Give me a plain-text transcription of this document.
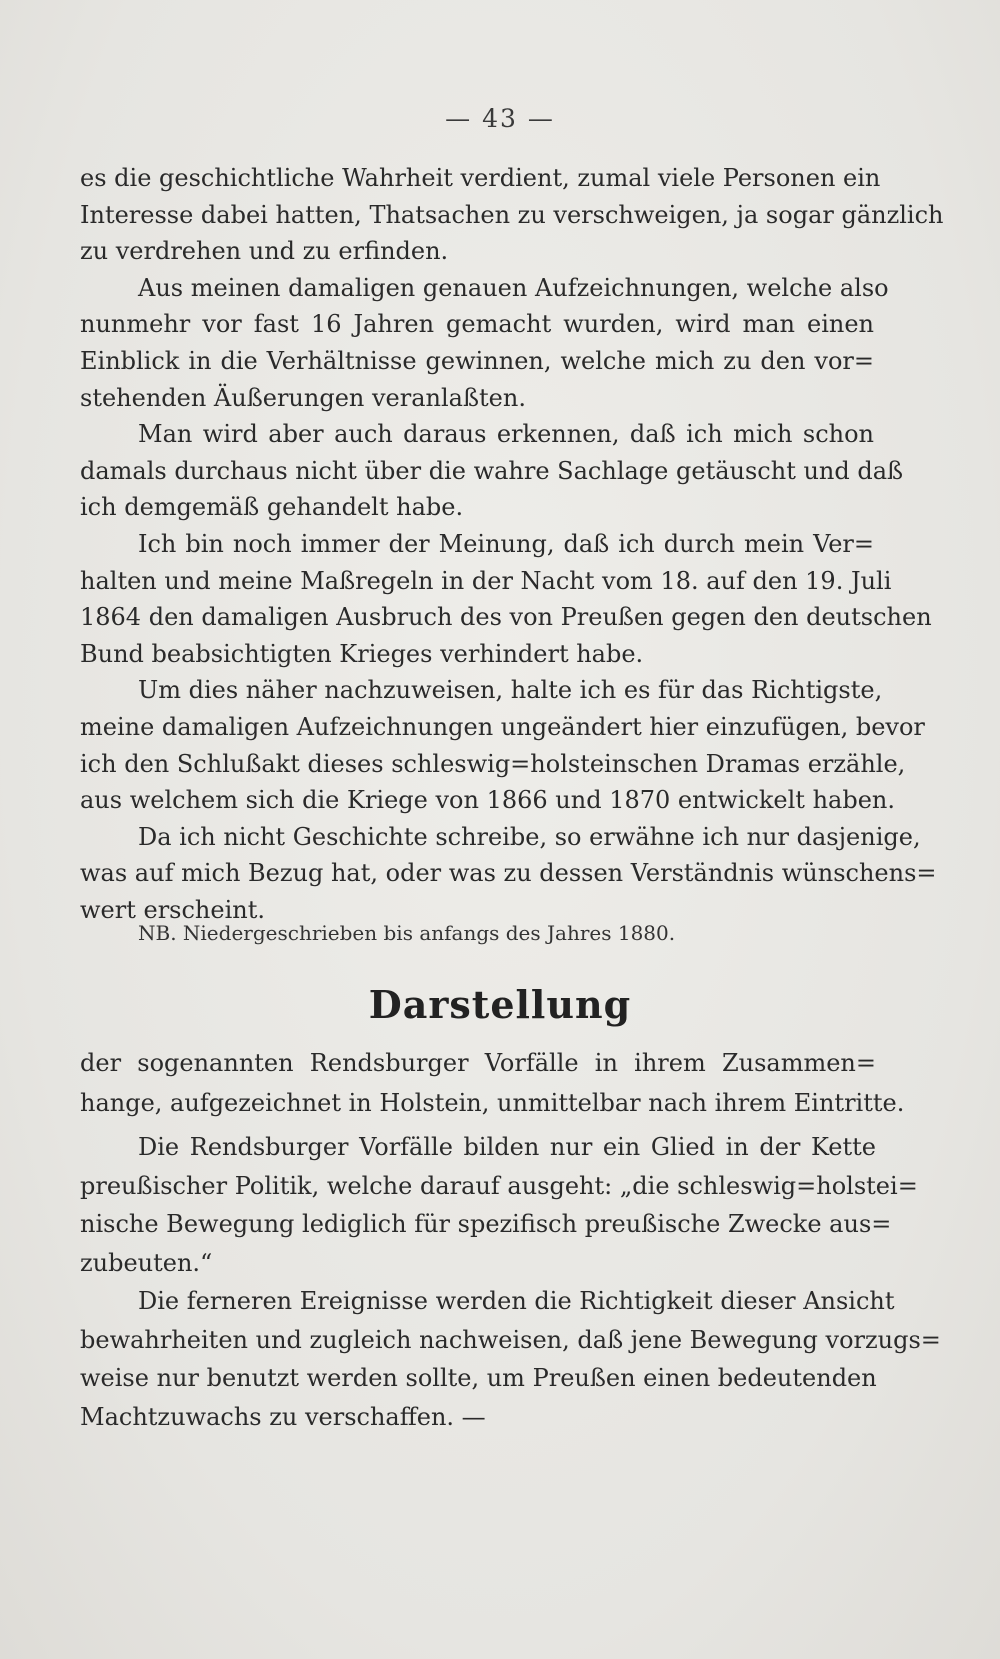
— 43 —
es die geschichtliche Wahrheit verdient, zumal viele Personen ein
Interesse dabei hatten, Thatsachen zu verschweigen, ja sogar gänzlich
zu verdrehen und zu erfinden.
Aus meinen damaligen genauen Aufzeichnungen, welche also
nunmehr vor fast 16 Jahren gemacht wurden, wird man einen
Einblick in die Verhältnisse gewinnen, welche mich zu den vor=
stehenden Äußerungen veranlaßten.
Man wird aber auch daraus erkennen, daß ich mich schon
damals durchaus nicht über die wahre Sachlage getäuscht und daß
ich demgemäß gehandelt habe.
Ich bin noch immer der Meinung, daß ich durch mein Ver=
halten und meine Maßregeln in der Nacht vom 18. auf den 19. Juli
1864 den damaligen Ausbruch des von Preußen gegen den deutschen
Bund beabsichtigten Krieges verhindert habe.
Um dies näher nachzuweisen, halte ich es für das Richtigste,
meine damaligen Aufzeichnungen ungeändert hier einzufügen, bevor
ich den Schlußakt dieses schleswig=holsteinschen Dramas erzähle,
aus welchem sich die Kriege von 1866 und 1870 entwickelt haben.
Da ich nicht Geschichte schreibe, so erwähne ich nur dasjenige,
was auf mich Bezug hat, oder was zu dessen Verständnis wünschens=
wert erscheint.
NB. Niedergeschrieben bis anfangs des Jahres 1880.
Darstellung
der sogenannten Rendsburger Vorfälle in ihrem Zusammen=
hange, aufgezeichnet in Holstein, unmittelbar nach ihrem Eintritte.
Die Rendsburger Vorfälle bilden nur ein Glied in der Kette
preußischer Politik, welche darauf ausgeht: „die schleswig=holstei=
nische Bewegung lediglich für spezifisch preußische Zwecke aus=
zubeuten.“
Die ferneren Ereignisse werden die Richtigkeit dieser Ansicht
bewahrheiten und zugleich nachweisen, daß jene Bewegung vorzugs=
weise nur benutzt werden sollte, um Preußen einen bedeutenden
Machtzuwachs zu verschaffen. —
